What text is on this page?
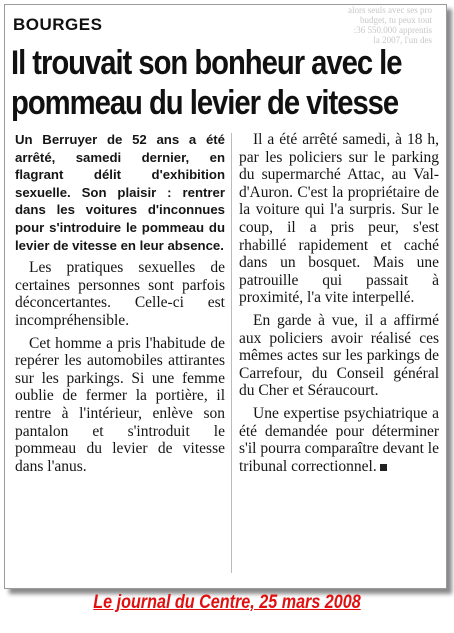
alors seuls avec ses pro
budget, tu peux tout
:36 550.000 apprentis
la 2007, l'un des
BOURGES
Il trouvait son bonheur avec le
pommeau du levier de vitesse

Un Berruyer de 52 ans a été arrêté, samedi dernier, en flagrant délit d'exhibition sexuelle. Son plaisir : rentrer dans les voitures d'inconnues pour s'introduire le pommeau du levier de vitesse en leur absence.

Les pratiques sexuelles de certaines personnes sont parfois déconcertantes. Celle-ci est incompréhensible.

Cet homme a pris l'habitude de repérer les automobiles attirantes sur les parkings. Si une femme oublie de fermer la portière, il rentre à l'intérieur, enlève son pantalon et s'introduit le pommeau du levier de vitesse dans l'anus.

Il a été arrêté samedi, à 18 h, par les policiers sur le parking du supermarché Attac, au Val-d'Auron. C'est la propriétaire de la voiture qui l'a surpris. Sur le coup, il a pris peur, s'est rhabillé rapidement et caché dans un bosquet. Mais une patrouille qui passait à proximité, l'a vite interpellé.

En garde à vue, il a affirmé aux policiers avoir réalisé ces mêmes actes sur les parkings de Carrefour, du Conseil général du Cher et Séraucourt.

Une expertise psychiatrique a été demandée pour déterminer s'il pourra comparaître devant le tribunal correctionnel.

Le journal du Centre, 25 mars 2008
